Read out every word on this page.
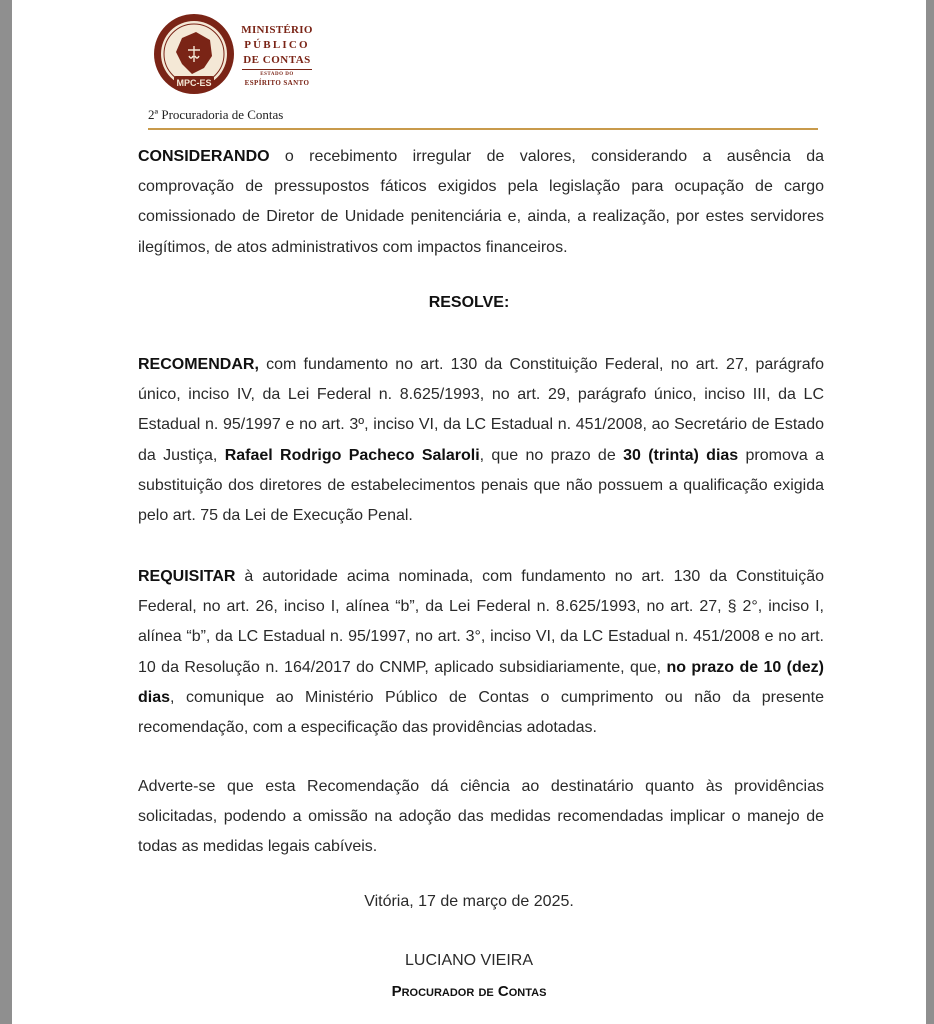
MPC-ES
MINISTÉRIO
PÚBLICO
DE CONTAS
ESTADO DO
ESPÍRITO SANTO
2ª Procuradoria de Contas

CONSIDERANDO o recebimento irregular de valores, considerando a ausência da comprovação de pressupostos fáticos exigidos pela legislação para ocupação de cargo comissionado de Diretor de Unidade penitenciária e, ainda, a realização, por estes servidores ilegítimos, de atos administrativos com impactos financeiros.

RESOLVE:

RECOMENDAR, com fundamento no art. 130 da Constituição Federal, no art. 27, parágrafo único, inciso IV, da Lei Federal n. 8.625/1993, no art. 29, parágrafo único, inciso III, da LC Estadual n. 95/1997 e no art. 3º, inciso VI, da LC Estadual n. 451/2008, ao Secretário de Estado da Justiça, Rafael Rodrigo Pacheco Salaroli, que no prazo de 30 (trinta) dias promova a substituição dos diretores de estabelecimentos penais que não possuem a qualificação exigida pelo art. 75 da Lei de Execução Penal.

REQUISITAR à autoridade acima nominada, com fundamento no art. 130 da Constituição Federal, no art. 26, inciso I, alínea “b”, da Lei Federal n. 8.625/1993, no art. 27, § 2°, inciso I, alínea “b”, da LC Estadual n. 95/1997, no art. 3°, inciso VI, da LC Estadual n. 451/2008 e no art. 10 da Resolução n. 164/2017 do CNMP, aplicado subsidiariamente, que, no prazo de 10 (dez) dias, comunique ao Ministério Público de Contas o cumprimento ou não da presente recomendação, com a especificação das providências adotadas.

Adverte-se que esta Recomendação dá ciência ao destinatário quanto às providências solicitadas, podendo a omissão na adoção das medidas recomendadas implicar o manejo de todas as medidas legais cabíveis.

Vitória, 17 de março de 2025.
LUCIANO VIEIRA
Procurador de Contas
